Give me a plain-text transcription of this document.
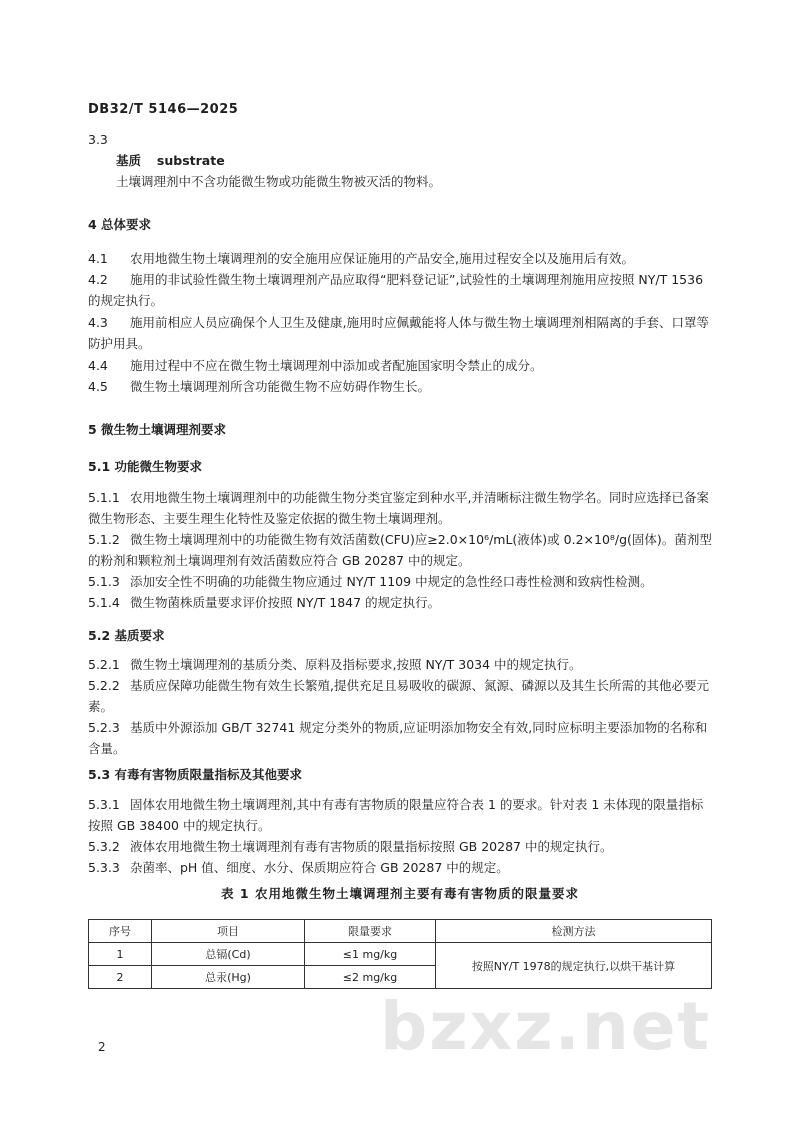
DB32/T 5146—2025
3.3
基质 substrate
土壤调理剂中不含功能微生物或功能微生物被灭活的物料。
4 总体要求
4.1 农用地微生物土壤调理剂的安全施用应保证施用的产品安全,施用过程安全以及施用后有效。
4.2 施用的非试验性微生物土壤调理剂产品应取得“肥料登记证”,试验性的土壤调理剂施用应按照 NY/T 1536 的规定执行。
4.3 施用前相应人员应确保个人卫生及健康,施用时应佩戴能将人体与微生物土壤调理剂相隔离的手套、口罩等防护用具。
4.4 施用过程中不应在微生物土壤调理剂中添加或者配施国家明令禁止的成分。
4.5 微生物土壤调理剂所含功能微生物不应妨碍作物生长。
5 微生物土壤调理剂要求
5.1 功能微生物要求
5.1.1 农用地微生物土壤调理剂中的功能微生物分类宜鉴定到种水平,并清晰标注微生物学名。同时应选择已备案微生物形态、主要生理生化特性及鉴定依据的微生物土壤调理剂。
5.1.2 微生物土壤调理剂中的功能微生物有效活菌数(CFU)应≥2.0×10⁶/mL(液体)或 0.2×10⁸/g(固体)。菌剂型的粉剂和颗粒剂土壤调理剂有效活菌数应符合 GB 20287 中的规定。
5.1.3 添加安全性不明确的功能微生物应通过 NY/T 1109 中规定的急性经口毒性检测和致病性检测。
5.1.4 微生物菌株质量要求评价按照 NY/T 1847 的规定执行。
5.2 基质要求
5.2.1 微生物土壤调理剂的基质分类、原料及指标要求,按照 NY/T 3034 中的规定执行。
5.2.2 基质应保障功能微生物有效生长繁殖,提供充足且易吸收的碳源、氮源、磷源以及其生长所需的其他必要元素。
5.2.3 基质中外源添加 GB/T 32741 规定分类外的物质,应证明添加物安全有效,同时应标明主要添加物的名称和含量。
5.3 有毒有害物质限量指标及其他要求
5.3.1 固体农用地微生物土壤调理剂,其中有毒有害物质的限量应符合表 1 的要求。针对表 1 未体现的限量指标按照 GB 38400 中的规定执行。
5.3.2 液体农用地微生物土壤调理剂有毒有害物质的限量指标按照 GB 20287 中的规定执行。
5.3.3 杂菌率、pH 值、细度、水分、保质期应符合 GB 20287 中的规定。
表 1 农用地微生物土壤调理剂主要有毒有害物质的限量要求
序号	项目	限量要求	检测方法
1	总镉(Cd)	≤1 mg/kg	按照NY/T 1978的规定执行,以烘干基计算
2	总汞(Hg)	≤2 mg/kg	
bzxz.net
2
